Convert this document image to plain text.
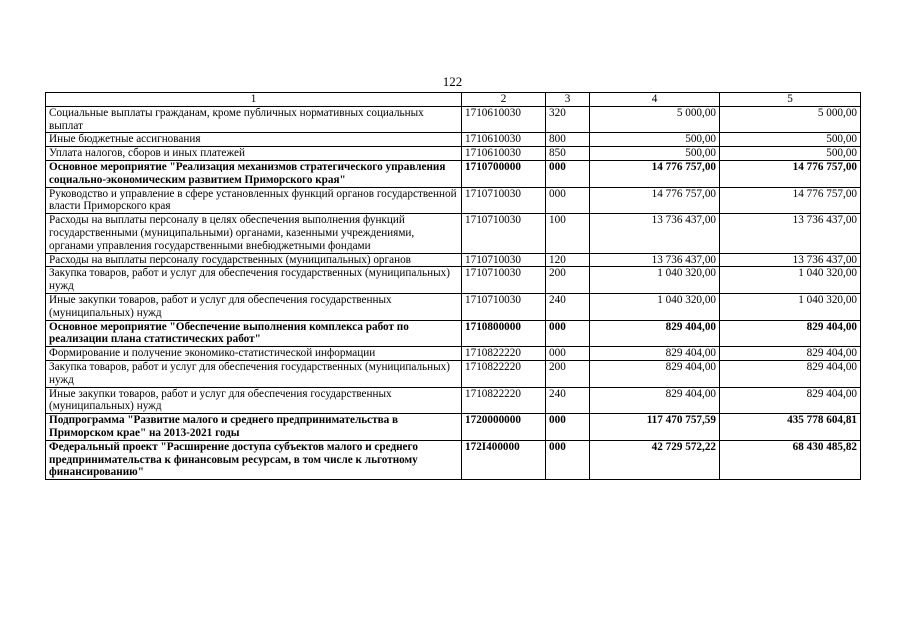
122
1	2	3	4	5
Социальные выплаты гражданам, кроме публичных нормативных социальных выплат	1710610030	320	5 000,00	5 000,00
Иные бюджетные ассигнования	1710610030	800	500,00	500,00
Уплата налогов, сборов и иных платежей	1710610030	850	500,00	500,00
Основное мероприятие "Реализация механизмов стратегического управления социально-экономическим развитием Приморского края"	1710700000	000	14 776 757,00	14 776 757,00
Руководство и управление в сфере установленных функций органов государственной власти Приморского края	1710710030	000	14 776 757,00	14 776 757,00
Расходы на выплаты персоналу в целях обеспечения выполнения функций государственными (муниципальными) органами, казенными учреждениями, органами управления государственными внебюджетными фондами	1710710030	100	13 736 437,00	13 736 437,00
Расходы на выплаты персоналу государственных (муниципальных) органов	1710710030	120	13 736 437,00	13 736 437,00
Закупка товаров, работ и услуг для обеспечения государственных (муниципальных) нужд	1710710030	200	1 040 320,00	1 040 320,00
Иные закупки товаров, работ и услуг для обеспечения государственных (муниципальных) нужд	1710710030	240	1 040 320,00	1 040 320,00
Основное мероприятие "Обеспечение выполнения комплекса работ по реализации плана статистических работ"	1710800000	000	829 404,00	829 404,00
Формирование и получение экономико-статистической информации	1710822220	000	829 404,00	829 404,00
Закупка товаров, работ и услуг для обеспечения государственных (муниципальных) нужд	1710822220	200	829 404,00	829 404,00
Иные закупки товаров, работ и услуг для обеспечения государственных (муниципальных) нужд	1710822220	240	829 404,00	829 404,00
Подпрограмма "Развитие малого и среднего предпринимательства в Приморском крае" на 2013-2021 годы	1720000000	000	117 470 757,59	435 778 604,81
Федеральный проект "Расширение доступа субъектов малого и среднего предпринимательства к финансовым ресурсам, в том числе к льготному финансированию"	172I400000	000	42 729 572,22	68 430 485,82
